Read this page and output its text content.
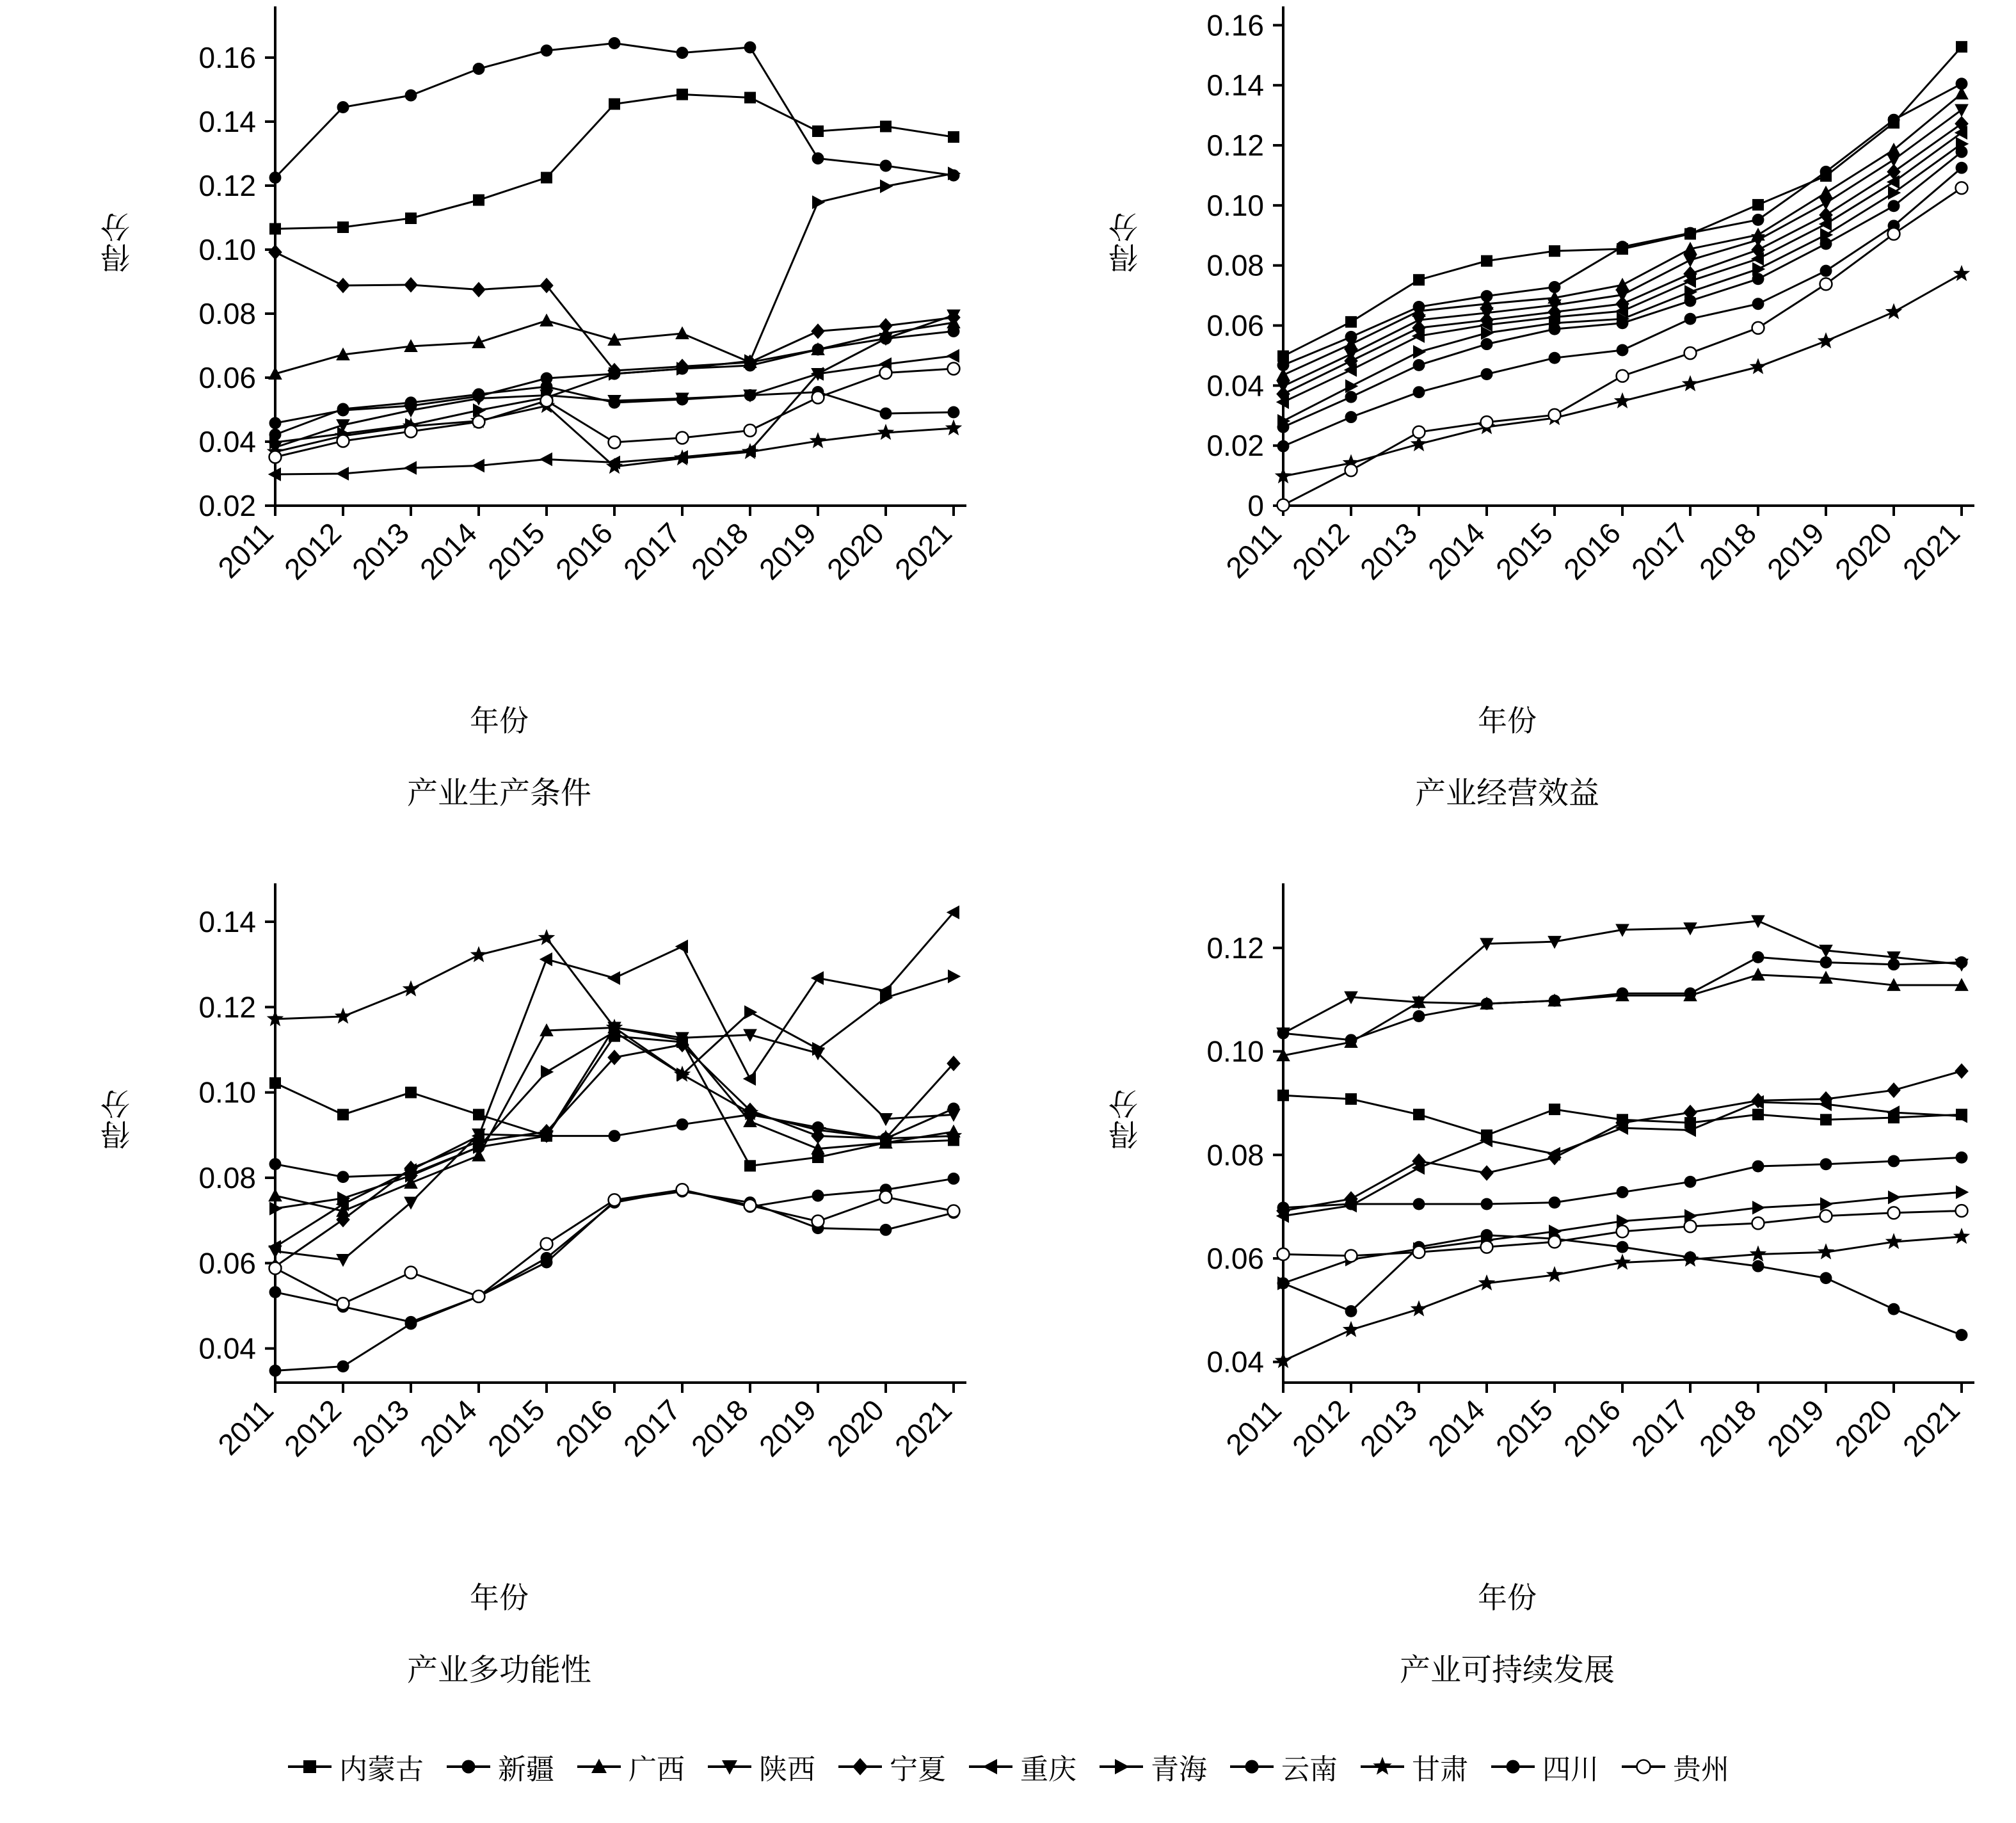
得分
0.02
0.04
0.06
0.08
0.10
0.12
0.14
0.16
2011
2012
2013
2014
2015
2016
2017
2018
2019
2020
2021
年份
产业生产条件
得分
0
0.02
0.04
0.06
0.08
0.10
0.12
0.14
0.16
2011
2012
2013
2014
2015
2016
2017
2018
2019
2020
2021
年份
产业经营效益
得分
0.04
0.06
0.08
0.10
0.12
0.14
2011
2012
2013
2014
2015
2016
2017
2018
2019
2020
2021
年份
产业多功能性
得分
0.04
0.06
0.08
0.10
0.12
2011
2012
2013
2014
2015
2016
2017
2018
2019
2020
2021
年份
产业可持续发展
内蒙古	新疆	广西	陕西	宁夏	重庆	青海	云南	甘肃	四川	贵州
